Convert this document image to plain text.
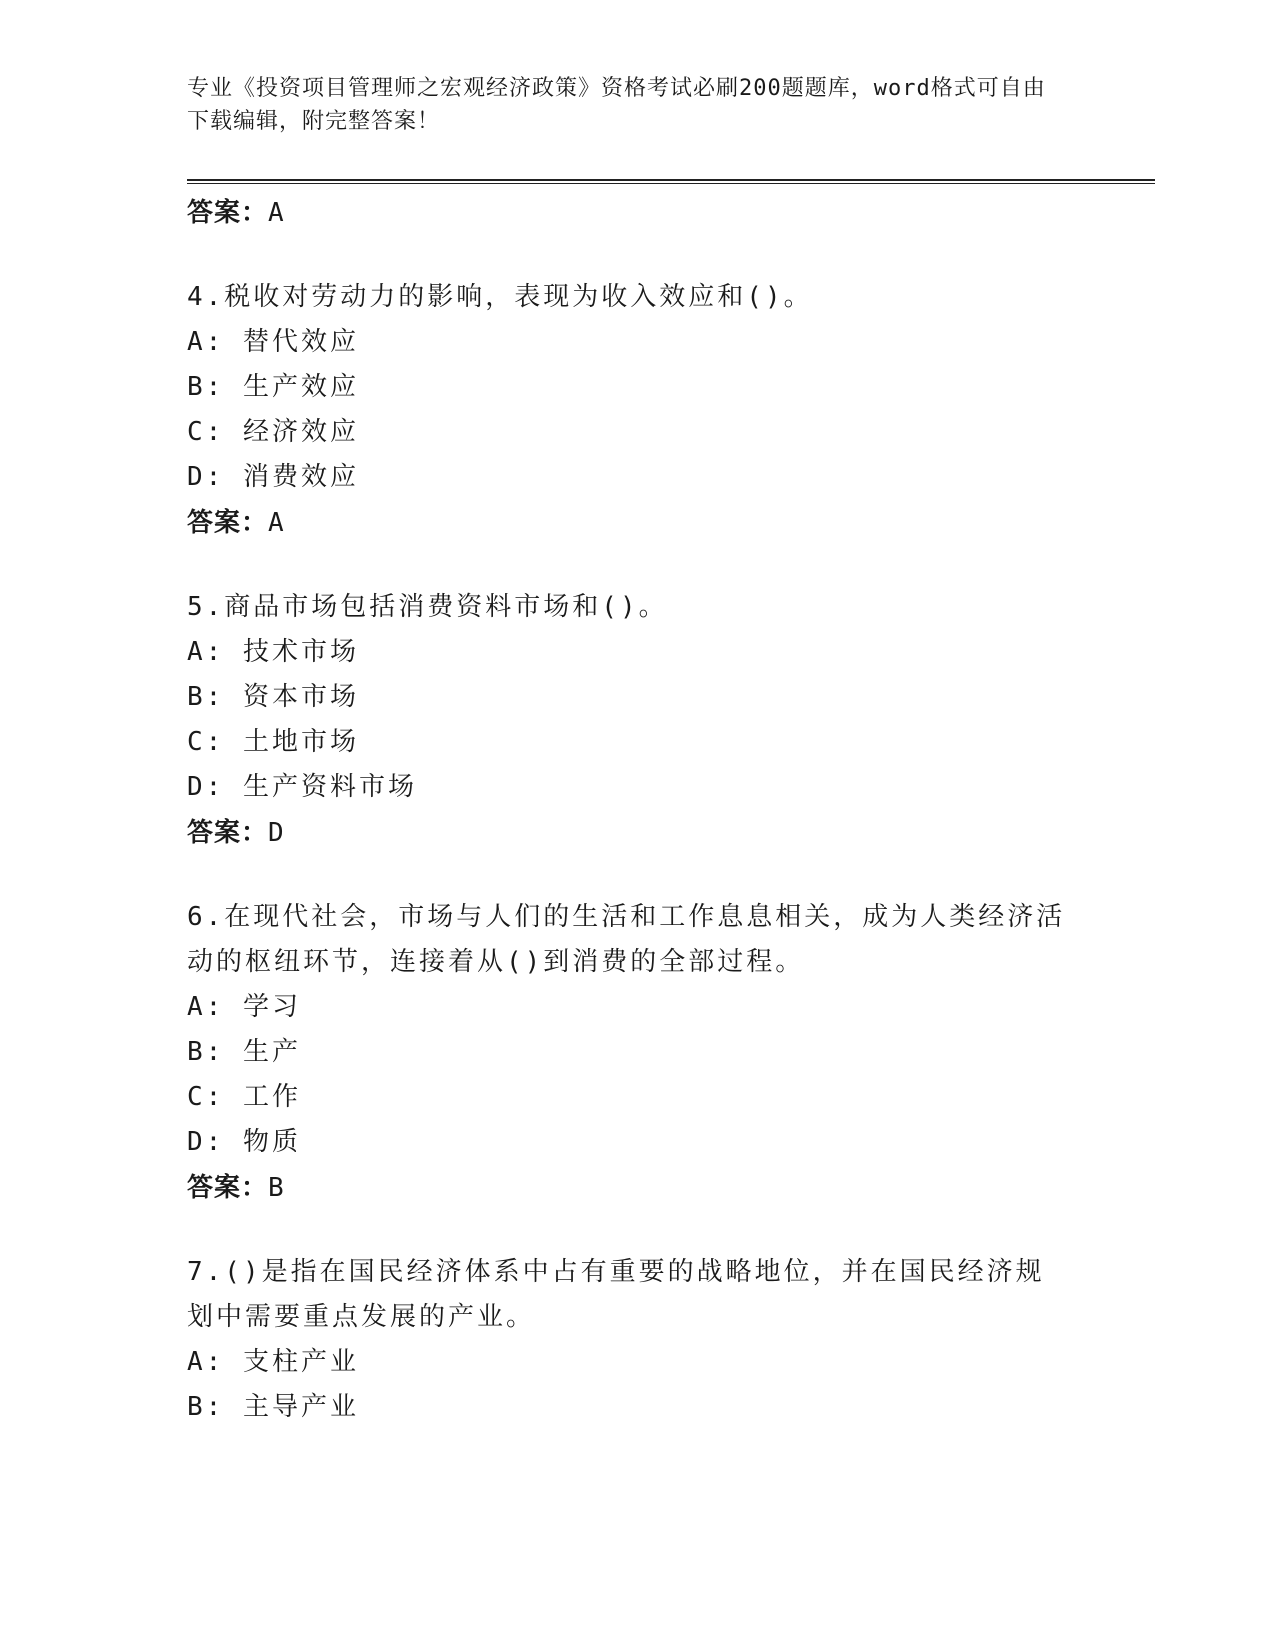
专业《投资项目管理师之宏观经济政策》资格考试必刷200题题库，word格式可自由下载编辑，附完整答案！

答案：A

4.税收对劳动力的影响，表现为收入效应和()。

A: 替代效应

B: 生产效应

C: 经济效应

D: 消费效应

答案：A

5.商品市场包括消费资料市场和()。

A: 技术市场

B: 资本市场

C: 土地市场

D: 生产资料市场

答案：D

6.在现代社会，市场与人们的生活和工作息息相关，成为人类经济活动的枢纽环节，连接着从()到消费的全部过程。

A: 学习

B: 生产

C: 工作

D: 物质

答案：B

7.()是指在国民经济体系中占有重要的战略地位，并在国民经济规划中需要重点发展的产业。

A: 支柱产业

B: 主导产业
